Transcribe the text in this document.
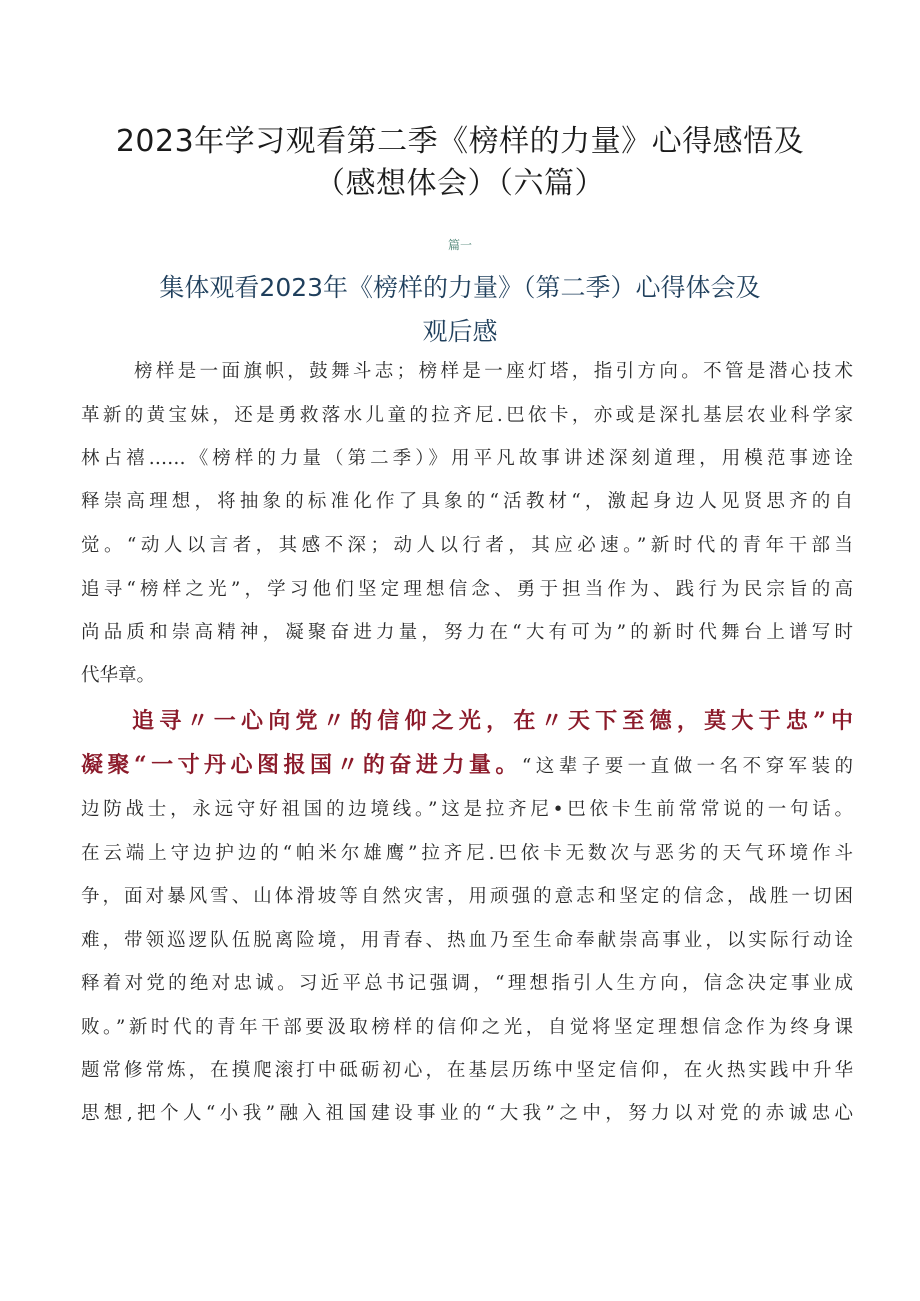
2023年学习观看第二季《榜样的力量》心得感悟及
（感想体会）（六篇）
篇一
集体观看2023年《榜样的力量》（第二季）心得体会及
观后感

榜样是一面旗帜，鼓舞斗志；榜样是一座灯塔，指引方向。不管是潜心技术

革新的黄宝妹，还是勇救落水儿童的拉齐尼.巴依卡，亦或是深扎基层农业科学家

林占禧……《榜样的力量（第二季）》用平凡故事讲述深刻道理，用模范事迹诠

释崇高理想，将抽象的标准化作了具象的“活教材“，激起身边人见贤思齐的自

觉。“动人以言者，其感不深；动人以行者，其应必速。”新时代的青年干部当

追寻“榜样之光”，学习他们坚定理想信念、勇于担当作为、践行为民宗旨的高

尚品质和崇高精神，凝聚奋进力量，努力在“大有可为”的新时代舞台上谱写时

代华章。

追寻〃一心向党〃的信仰之光，在〃天下至德，莫大于忠”中

凝聚“一寸丹心图报国〃的奋进力量。“这辈子要一直做一名不穿军装的

边防战士，永远守好祖国的边境线。”这是拉齐尼•巴依卡生前常常说的一句话。

在云端上守边护边的“帕米尔雄鹰”拉齐尼.巴依卡无数次与恶劣的天气环境作斗

争，面对暴风雪、山体滑坡等自然灾害，用顽强的意志和坚定的信念，战胜一切困

难，带领巡逻队伍脱离险境，用青春、热血乃至生命奉献崇高事业，以实际行动诠

释着对党的绝对忠诚。习近平总书记强调，“理想指引人生方向，信念决定事业成

败。”新时代的青年干部要汲取榜样的信仰之光，自觉将坚定理想信念作为终身课

题常修常炼，在摸爬滚打中砥砺初心，在基层历练中坚定信仰，在火热实践中升华

思想,把个人“小我”融入祖国建设事业的“大我”之中，努力以对党的赤诚忠心
